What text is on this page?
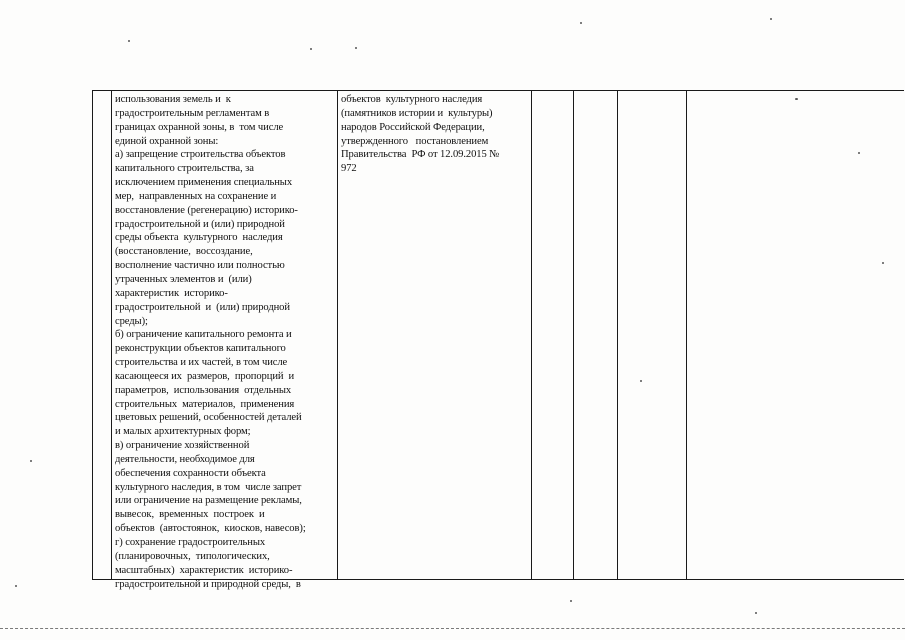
использования земель и  к
градостроительным регламентам в
границах охранной зоны, в  том числе
единой охранной зоны:
а) запрещение строительства объектов
капитального строительства, за
исключением применения специальных
мер,  направленных на сохранение и
восстановление (регенерацию) историко-
градостроительной и (или) природной
среды объекта  культурного  наследия
(восстановление,  воссоздание,
восполнение частично или полностью
утраченных элементов и  (или)
характеристик  историко-
градостроительной  и  (или) природной
среды);
б) ограничение капитального ремонта и
реконструкции объектов капитального
строительства и их частей, в том числе
касающееся их  размеров,  пропорций  и
параметров,  использования  отдельных
строительных  материалов,  применения
цветовых решений, особенностей деталей
и малых архитектурных форм;
в) ограничение хозяйственной
деятельности, необходимое для
обеспечения сохранности объекта
культурного наследия, в том  числе запрет
или ограничение на размещение рекламы,
вывесок,  временных  построек  и
объектов  (автостоянок,  киосков, навесов);
г) сохранение градостроительных
(планировочных,  типологических,
масштабных)  характеристик  историко-
градостроительной и природной среды,  в
объектов  культурного наследия
(памятников истории и  культуры)
народов Российской Федерации,
утвержденного   постановлением
Правительства  РФ от 12.09.2015 №
972
